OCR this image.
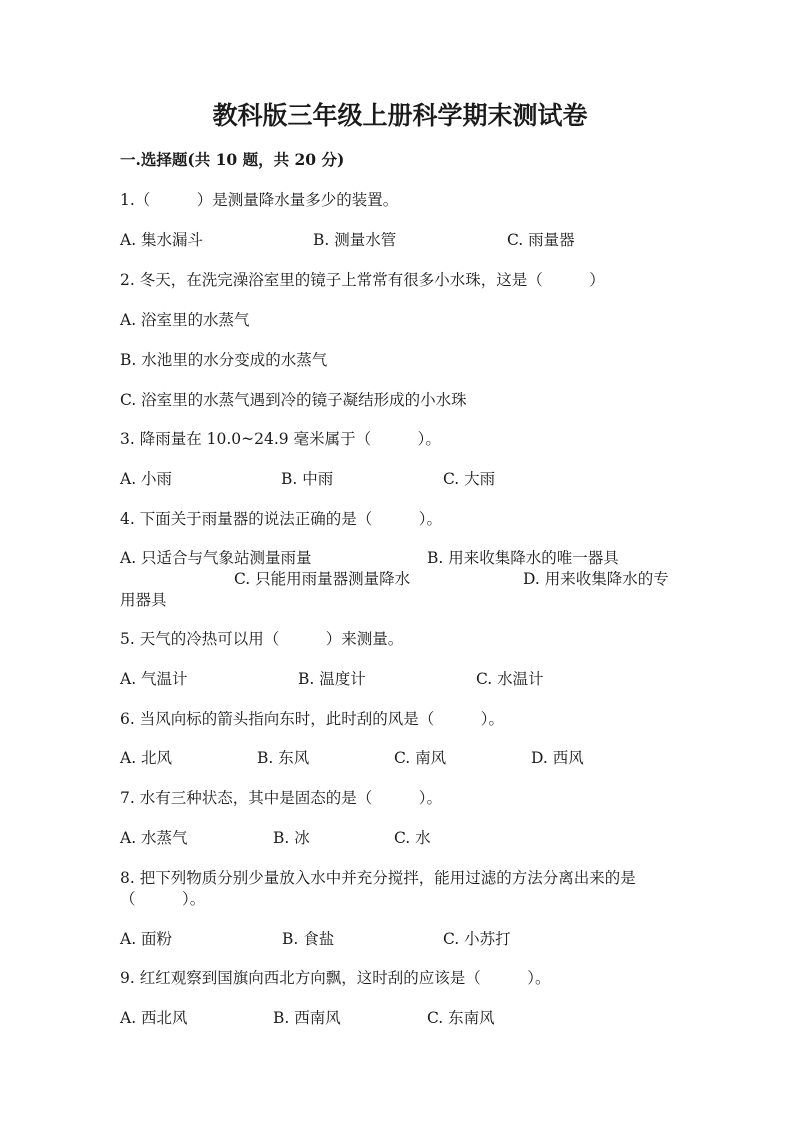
教科版三年级上册科学期末测试卷
一.选择题(共 10 题，共 20 分)
1.（　　　）是测量降水量多少的装置。
A. 集水漏斗	B. 测量水管	C. 雨量器
2. 冬天，在洗完澡浴室里的镜子上常常有很多小水珠，这是（　　　）
A. 浴室里的水蒸气
B. 水池里的水分变成的水蒸气
C. 浴室里的水蒸气遇到冷的镜子凝结形成的小水珠
3. 降雨量在 10.0~24.9 毫米属于（　　　）。
A. 小雨	B. 中雨	C. 大雨
4. 下面关于雨量器的说法正确的是（　　　）。
A. 只适合与气象站测量雨量	B. 用来收集降水的唯一器具
C. 只能用雨量器测量降水	D. 用来收集降水的专
用器具
5. 天气的冷热可以用（　　　）来测量。
A. 气温计	B. 温度计	C. 水温计
6. 当风向标的箭头指向东时，此时刮的风是（　　　）。
A. 北风	B. 东风	C. 南风	D. 西风
7. 水有三种状态，其中是固态的是（　　　）。
A. 水蒸气	B. 冰	C. 水
8. 把下列物质分别少量放入水中并充分搅拌，能用过滤的方法分离出来的是
（　　　）。
A. 面粉	B. 食盐	C. 小苏打
9. 红红观察到国旗向西北方向飘，这时刮的应该是（　　　）。
A. 西北风	B. 西南风	C. 东南风
